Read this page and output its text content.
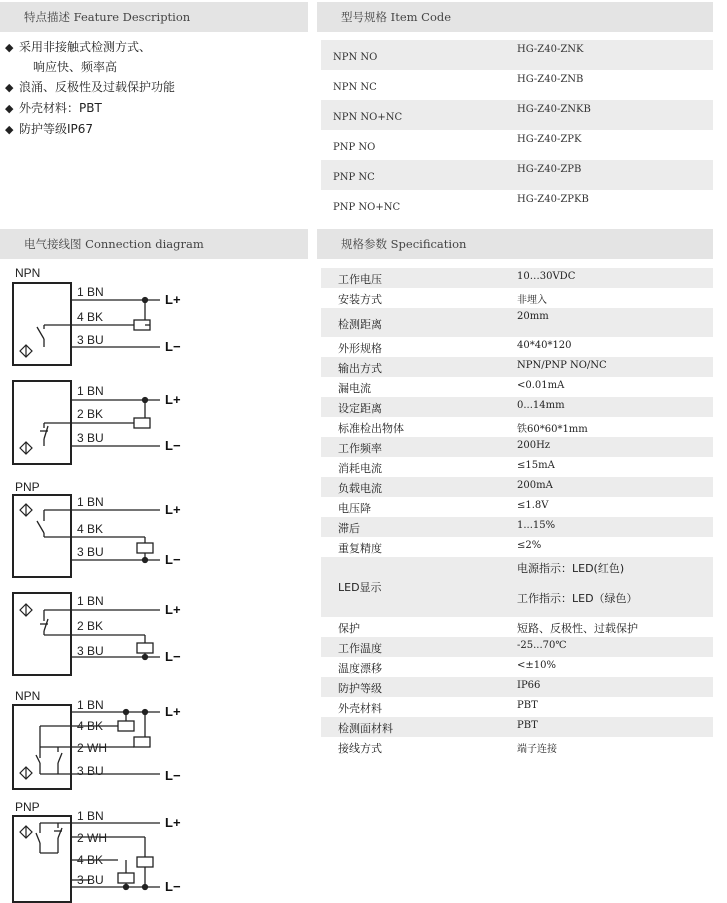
特点描述 Feature Description
◆ 采用非接触式检测方式、
响应快、频率高
◆ 浪涌、反极性及过载保护功能
◆ 外壳材料：PBT
◆ 防护等级IP67
型号规格 Item Code
NPN NO
HG-Z40-ZNK
NPN NC
HG-Z40-ZNB
NPN NO+NC
HG-Z40-ZNKB
PNP NO
HG-Z40-ZPK
PNP NC
HG-Z40-ZPB
PNP NO+NC
HG-Z40-ZPKB
电气接线图 Connection diagram	规格参数 Specification
工作电压	10…30VDC
安装方式	非埋入
检测距离
20mm
外形规格	40*40*120
输出方式	NPN/PNP NO/NC
漏电流	<0.01mA
设定距离	0...14mm
标准检出物体	铁60*60*1mm
工作频率	200Hz
消耗电流	≤15mA
负载电流	200mA
电压降	≤1.8V
滞后	1...15%
重复精度	≤2%
LED显示
电源指示：LED(红色)
工作指示：LED（绿色）
保护	短路、反极性、过载保护
工作温度	-25...70℃
温度漂移	<±10%
防护等级	IP66
外壳材料	PBT
检测面材料	PBT
接线方式	端子连接
NPN
1 BN
4 BK
3 BU
1 BN
2 BK
3 BU
PNP
1 BN
4 BK
3 BU
1 BN
2 BK
3 BU
NPN
1 BN
4 BK
2 WH
3 BU
PNP
1 BN
2 WH
4 BK
3 BU
L+
L−
L+
L−
L+
L−
L+
L−
L+
L−
L+
L−
